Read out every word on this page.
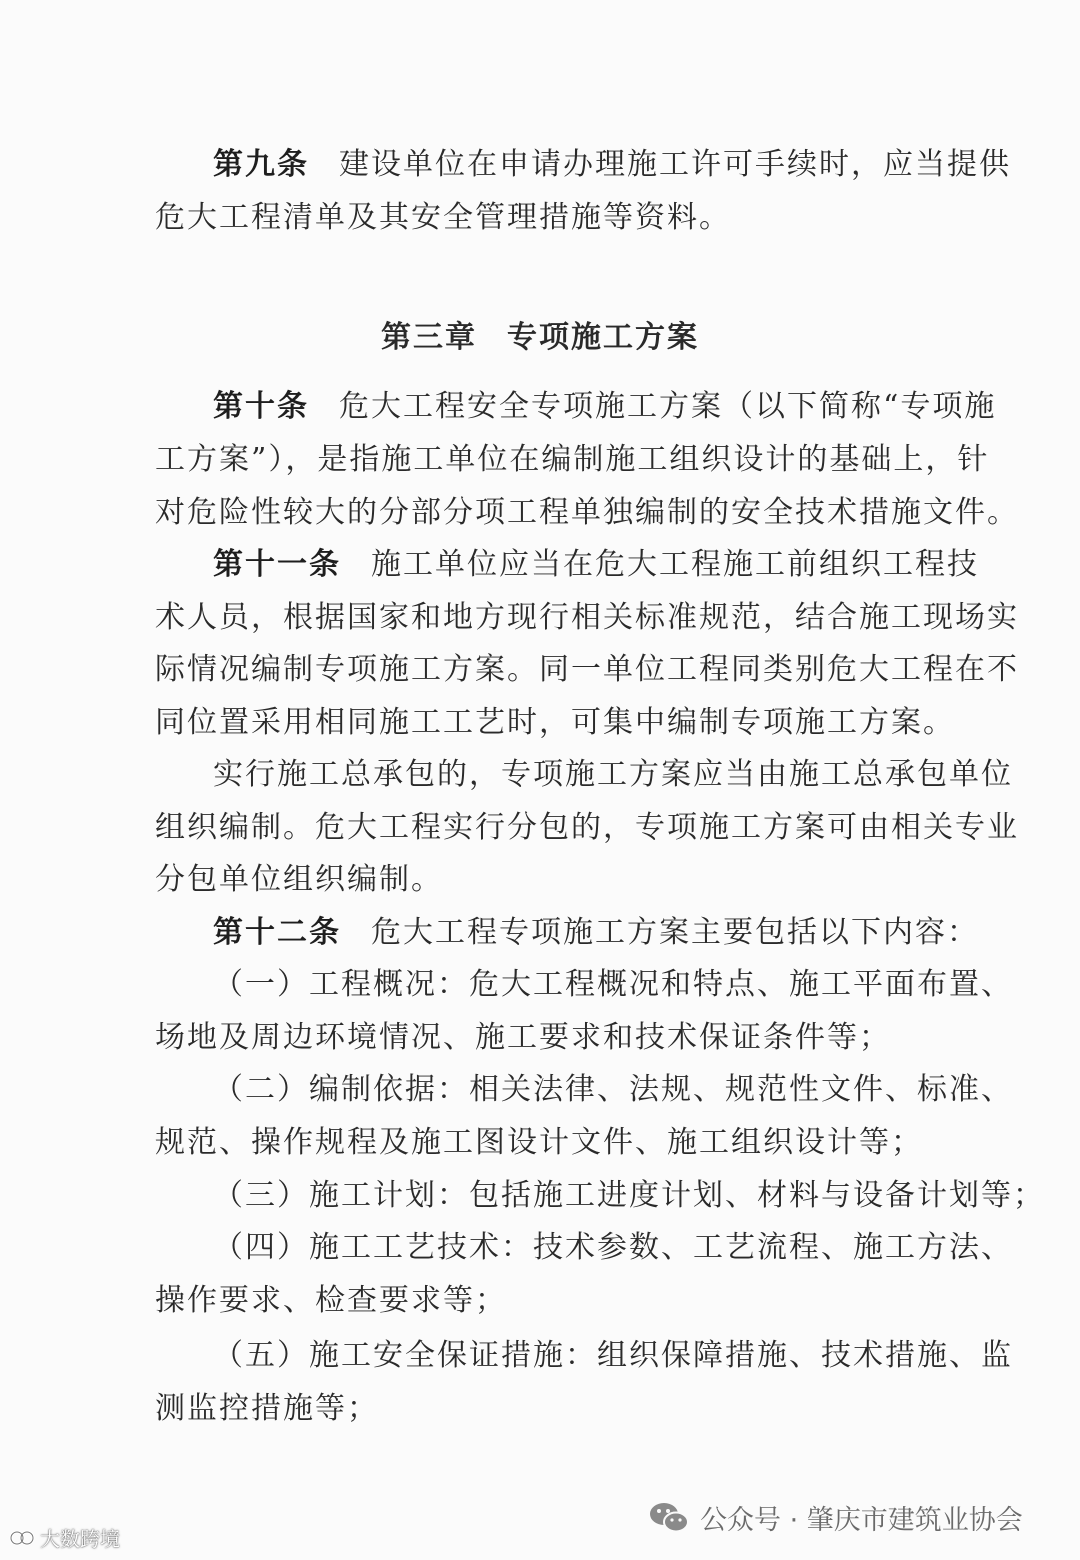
第九条 建设单位在申请办理施工许可手续时，应当提供
危大工程清单及其安全管理措施等资料。
第三章 专项施工方案
第十条 危大工程安全专项施工方案（以下简称“专项施
工方案”），是指施工单位在编制施工组织设计的基础上，针
对危险性较大的分部分项工程单独编制的安全技术措施文件。
第十一条 施工单位应当在危大工程施工前组织工程技
术人员，根据国家和地方现行相关标准规范，结合施工现场实
际情况编制专项施工方案。同一单位工程同类别危大工程在不
同位置采用相同施工工艺时，可集中编制专项施工方案。
实行施工总承包的，专项施工方案应当由施工总承包单位
组织编制。危大工程实行分包的，专项施工方案可由相关专业
分包单位组织编制。
第十二条 危大工程专项施工方案主要包括以下内容：
（一）工程概况：危大工程概况和特点、施工平面布置、
场地及周边环境情况、施工要求和技术保证条件等；
（二）编制依据：相关法律、法规、规范性文件、标准、
规范、操作规程及施工图设计文件、施工组织设计等；
（三）施工计划：包括施工进度计划、材料与设备计划等；
（四）施工工艺技术：技术参数、工艺流程、施工方法、
操作要求、检查要求等；
（五）施工安全保证措施：组织保障措施、技术措施、监
测监控措施等；
大数跨境
公众号 · 肇庆市建筑业协会
